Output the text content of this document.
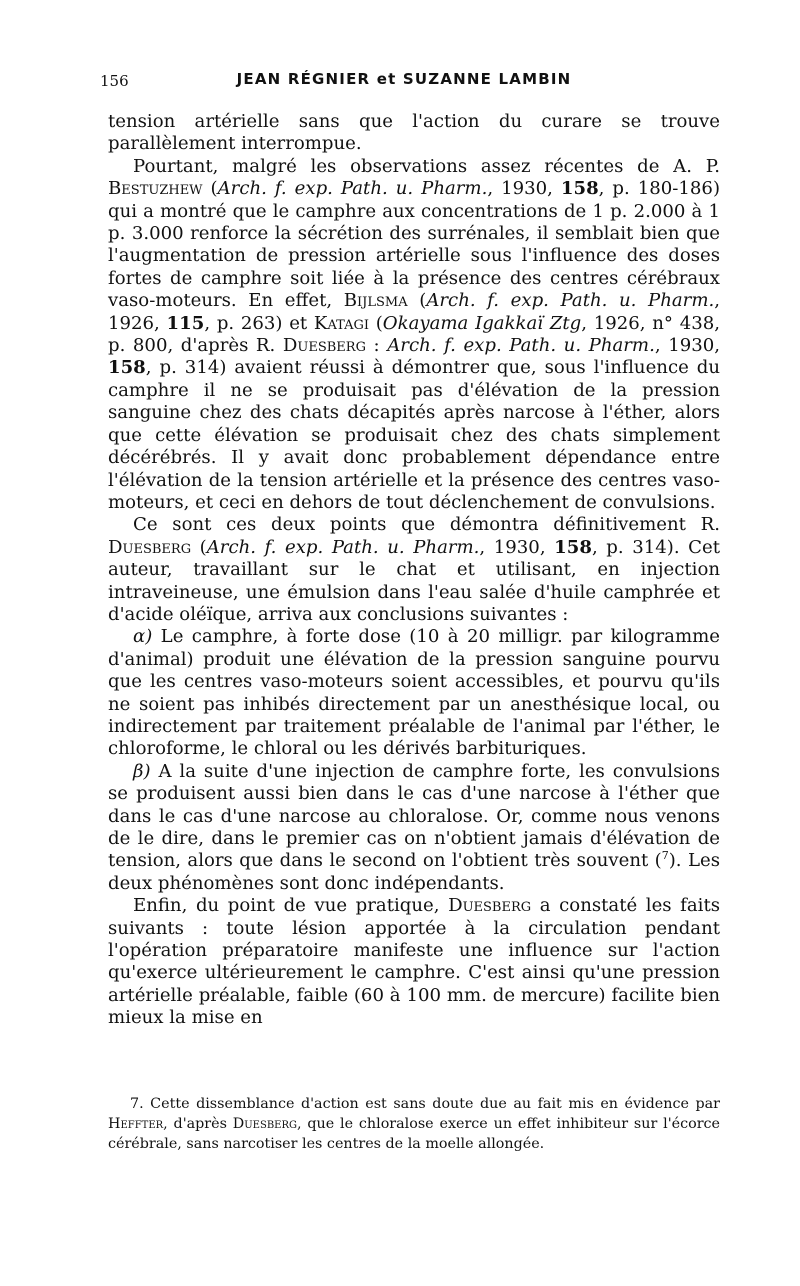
156	JEAN RÉGNIER et SUZANNE LAMBIN

tension artérielle sans que l'action du curare se trouve parallèlement interrompue.

Pourtant, malgré les observations assez récentes de A. P. Bestuzhew (Arch. f. exp. Path. u. Pharm., 1930, 158, p. 180-186) qui a montré que le camphre aux concentrations de 1 p. 2.000 à 1 p. 3.000 renforce la sécrétion des surrénales, il semblait bien que l'augmentation de pression artérielle sous l'influence des doses fortes de camphre soit liée à la présence des centres cérébraux vaso-moteurs. En effet, Bijlsma (Arch. f. exp. Path. u. Pharm., 1926, 115, p. 263) et Katagi (Okayama Igakkaï Ztg, 1926, n° 438, p. 800, d'après R. Duesberg : Arch. f. exp. Path. u. Pharm., 1930, 158, p. 314) avaient réussi à démontrer que, sous l'influence du camphre il ne se produisait pas d'élévation de la pression sanguine chez des chats décapités après narcose à l'éther, alors que cette élévation se produisait chez des chats simplement décérébrés. Il y avait donc probablement dépendance entre l'élévation de la tension artérielle et la présence des centres vaso-moteurs, et ceci en dehors de tout déclenchement de convulsions.

Ce sont ces deux points que démontra définitivement R. Duesberg (Arch. f. exp. Path. u. Pharm., 1930, 158, p. 314). Cet auteur, travaillant sur le chat et utilisant, en injection intraveineuse, une émulsion dans l'eau salée d'huile camphrée et d'acide oléïque, arriva aux conclusions suivantes :

α) Le camphre, à forte dose (10 à 20 milligr. par kilogramme d'animal) produit une élévation de la pression sanguine pourvu que les centres vaso-moteurs soient accessibles, et pourvu qu'ils ne soient pas inhibés directement par un anesthésique local, ou indirectement par traitement préalable de l'animal par l'éther, le chloroforme, le chloral ou les dérivés barbituriques.

β) A la suite d'une injection de camphre forte, les convulsions se produisent aussi bien dans le cas d'une narcose à l'éther que dans le cas d'une narcose au chloralose. Or, comme nous venons de le dire, dans le premier cas on n'obtient jamais d'élévation de tension, alors que dans le second on l'obtient très souvent ($^7$). Les deux phénomènes sont donc indépendants.

Enfin, du point de vue pratique, Duesberg a constaté les faits suivants : toute lésion apportée à la circulation pendant l'opération préparatoire manifeste une influence sur l'action qu'exerce ultérieurement le camphre. C'est ainsi qu'une pression artérielle préalable, faible (60 à 100 mm. de mercure) facilite bien mieux la mise en

7. Cette dissemblance d'action est sans doute due au fait mis en évidence par Heffter, d'après Duesberg, que le chloralose exerce un effet inhibiteur sur l'écorce cérébrale, sans narcotiser les centres de la moelle allongée.
